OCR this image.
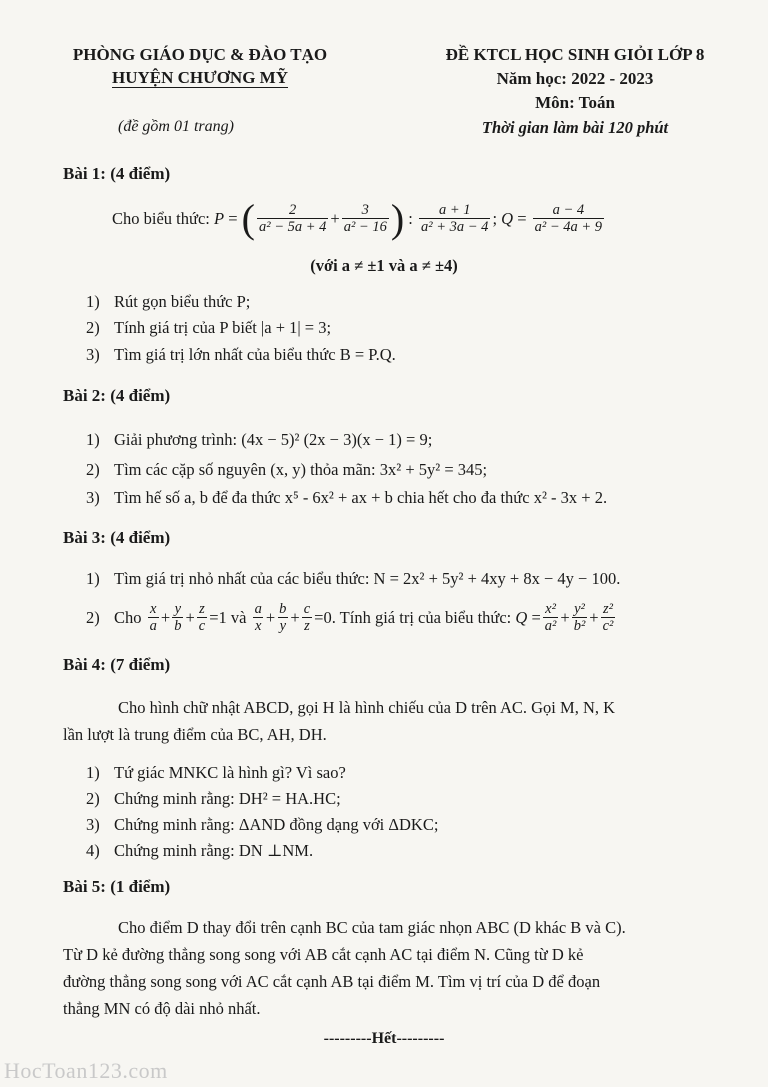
PHÒNG GIÁO DỤC & ĐÀO TẠO
HUYỆN CHƯƠNG MỸ
(đề gồm 01 trang)
ĐỀ KTCL HỌC SINH GIỎI LỚP 8
Năm học: 2022 - 2023
Môn: Toán
Thời gian làm bài 120 phút
Bài 1: (4 điểm)
Cho biểu thức:
P = ( $\frac{2}{\text{a² − 5a + 4}} + \frac{3}{\text{a² − 16}}$ ) : $\frac{a + 1}{\text{a² + 3a − 4}}$ ; $Q = \frac{a - 4}{\text{a² − 4a + 9}}$
(với a ≠ ±1 và a ≠ ±4)
1) Rút gọn biểu thức P;
2) Tính giá trị của P biết |a + 1| = 3;
3) Tìm giá trị lớn nhất của biểu thức B = P.Q.
Bài 2: (4 điểm)
1) Giải phương trình: (4x − 5)² (2x − 3)(x − 1) = 9;
2) Tìm các cặp số nguyên (x, y) thỏa mãn: 3x² + 5y² = 345;
3) Tìm hế số a, b để đa thức x⁵ - 6x² + ax + b chia hết cho đa thức x² - 3x + 2.
Bài 3: (4 điểm)
1) Tìm giá trị nhỏ nhất của các biểu thức: N = 2x² + 5y² + 4xy + 8x − 4y − 100.
2) Cho
$\frac{x}{a} + \frac{y}{b} + \frac{z}{c} =1$ và
$\frac{a}{x} + \frac{b}{y} + \frac{c}{z} =0$ . Tính giá trị của biểu thức:
$Q = \frac{\text{x²}}{\text{a²}} + \frac{\text{y²}}{\text{b²}} + \frac{\text{z²}}{\text{c²}}$
Bài 4: (7 điểm)
Cho hình chữ nhật ABCD, gọi H là hình chiếu của D trên AC. Gọi M, N, K
lần lượt là trung điểm của BC, AH, DH.
1) Tứ giác MNKC là hình gì? Vì sao?
2) Chứng minh rằng: DH² = HA.HC;
3) Chứng minh rằng: ΔAND đồng dạng với ΔDKC;
4) Chứng minh rằng: DN ⊥NM.
Bài 5: (1 điểm)
Cho điểm D thay đổi trên cạnh BC của tam giác nhọn ABC (D khác B và C).
Từ D kẻ đường thẳng song song với AB cắt cạnh AC tại điểm N. Cũng từ D kẻ
đường thẳng song song với AC cắt cạnh AB tại điểm M. Tìm vị trí của D để đoạn
thẳng MN có độ dài nhỏ nhất.
---------Hết---------
HocToan123.com
